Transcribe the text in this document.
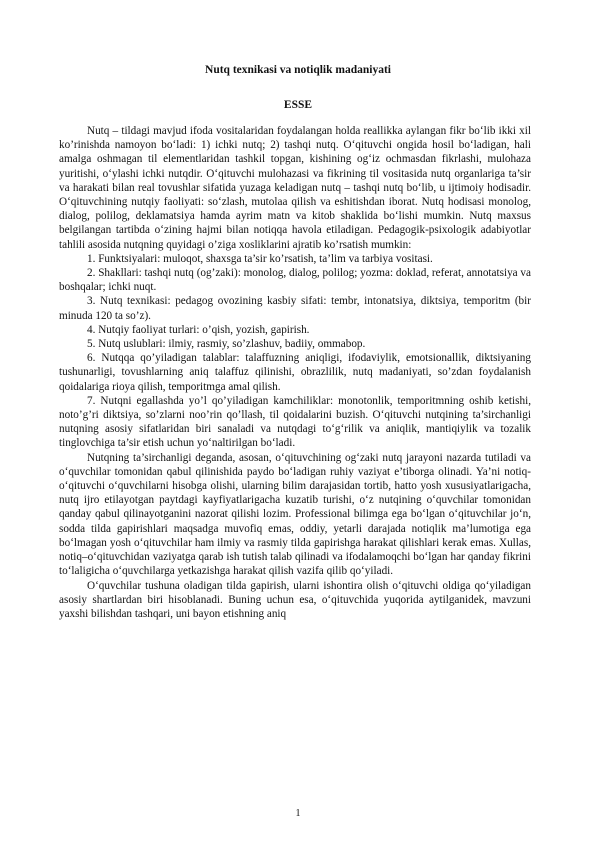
Nutq texnikasi va notiqlik madaniyati
ESSE

Nutq – tildagi mavjud ifoda vositalaridan foydalangan holda reallikka aylangan fikr bo‘lib ikki xil ko’rinishda namoyon bo‘ladi: 1) ichki nutq; 2) tashqi nutq. O‘qituvchi ongida hosil bo‘ladigan, hali amalga oshmagan til elementlaridan tashkil topgan, kishining og‘iz ochmasdan fikrlashi, mulohaza yuritishi, o‘ylashi ichki nutqdir. O‘qituvchi mulohazasi va fikrining til vositasida nutq organlariga ta’sir va harakati bilan real tovushlar sifatida yuzaga keladigan nutq – tashqi nutq bo‘lib, u ijtimoiy hodisadir. O‘qituvchining nutqiy faoliyati: so‘zlash, mutolaa qilish va eshitishdan iborat. Nutq hodisasi monolog, dialog, polilog, deklamatsiya hamda ayrim matn va kitob shaklida bo‘lishi mumkin. Nutq maxsus belgilangan tartibda o‘zining hajmi bilan notiqqa havola etiladigan. Pedagogik-psixologik adabiyotlar tahlili asosida nutqning quyidagi o’ziga xosliklarini ajratib ko’rsatish mumkin:

1. Funktsiyalari: muloqot, shaxsga ta’sir ko’rsatish, ta’lim va tarbiya vositasi.

2. Shakllari: tashqi nutq (og’zaki): monolog, dialog, polilog; yozma: doklad, referat, annotatsiya va boshqalar; ichki nuqt.

3. Nutq texnikasi: pedagog ovozining kasbiy sifati: tembr, intonatsiya, diktsiya, temporitm (bir minuda 120 ta so’z).

4. Nutqiy faoliyat turlari: o’qish, yozish, gapirish.

5. Nutq uslublari: ilmiy, rasmiy, so’zlashuv, badiiy, ommabop.

6. Nutqqa qo’yiladigan talablar: talaffuzning aniqligi, ifodaviylik, emotsionallik, diktsiyaning tushunarligi, tovushlarning aniq talaffuz qilinishi, obrazlilik, nutq madaniyati, so’zdan foydalanish qoidalariga rioya qilish, temporitmga amal qilish.

7. Nutqni egallashda yo’l qo’yiladigan kamchiliklar: monotonlik, temporitmning oshib ketishi, noto’g’ri diktsiya, so’zlarni noo’rin qo’llash, til qoidalarini buzish. O‘qituvchi nutqining ta’sirchanligi nutqning asosiy sifatlaridan biri sanaladi va nutqdagi to‘g‘rilik va aniqlik, mantiqiylik va tozalik tinglovchiga ta’sir etish uchun yo‘naltirilgan bo‘ladi.

Nutqning ta’sirchanligi deganda, asosan, o‘qituvchining og‘zaki nutq jarayoni nazarda tutiladi va o‘quvchilar tomonidan qabul qilinishida paydo bo‘ladigan ruhiy vaziyat e’tiborga olinadi. Ya’ni notiq-o‘qituvchi o‘quvchilarni hisobga olishi, ularning bilim darajasidan tortib, hatto yosh xususiyatlarigacha, nutq ijro etilayotgan paytdagi kayfiyatlarigacha kuzatib turishi, o‘z nutqining o‘quvchilar tomonidan qanday qabul qilinayotganini nazorat qilishi lozim. Professional bilimga ega bo‘lgan o‘qituvchilar jo‘n, sodda tilda gapirishlari maqsadga muvofiq emas, oddiy, yetarli darajada notiqlik ma’lumotiga ega bo‘lmagan yosh o‘qituvchilar ham ilmiy va rasmiy tilda gapirishga harakat qilishlari kerak emas. Xullas, notiq–o‘qituvchidan vaziyatga qarab ish tutish talab qilinadi va ifodalamoqchi bo‘lgan har qanday fikrini to‘laligicha o‘quvchilarga yetkazishga harakat qilish vazifa qilib qo‘yiladi.

O‘quvchilar tushuna oladigan tilda gapirish, ularni ishontira olish o‘qituvchi oldiga qo‘yiladigan asosiy shartlardan biri hisoblanadi. Buning uchun esa, o‘qituvchida yuqorida aytilganidek, mavzuni yaxshi bilishdan tashqari, uni bayon etishning aniq

1
